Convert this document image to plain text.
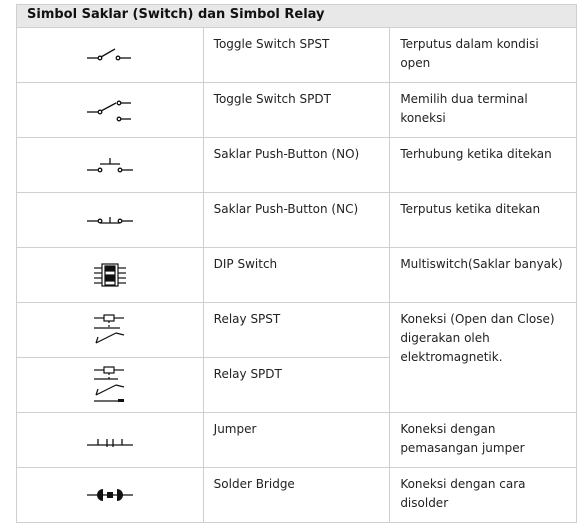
Simbol Saklar (Switch) dan Simbol Relay		

	Toggle Switch SPST	Terputus dalam kondisi open

	Toggle Switch SPDT	Memilih dua terminal koneksi

	Saklar Push-Button (NO)	Terhubung ketika ditekan

	Saklar Push-Button (NC)	Terputus ketika ditekan

	DIP Switch	Multiswitch(Saklar banyak)

	Relay SPST	Koneksi (Open dan Close) digerakan oleh elektromagnetik.

	Relay SPDT	

	Jumper	Koneksi dengan pemasangan jumper

	Solder Bridge	Koneksi dengan cara disolder
